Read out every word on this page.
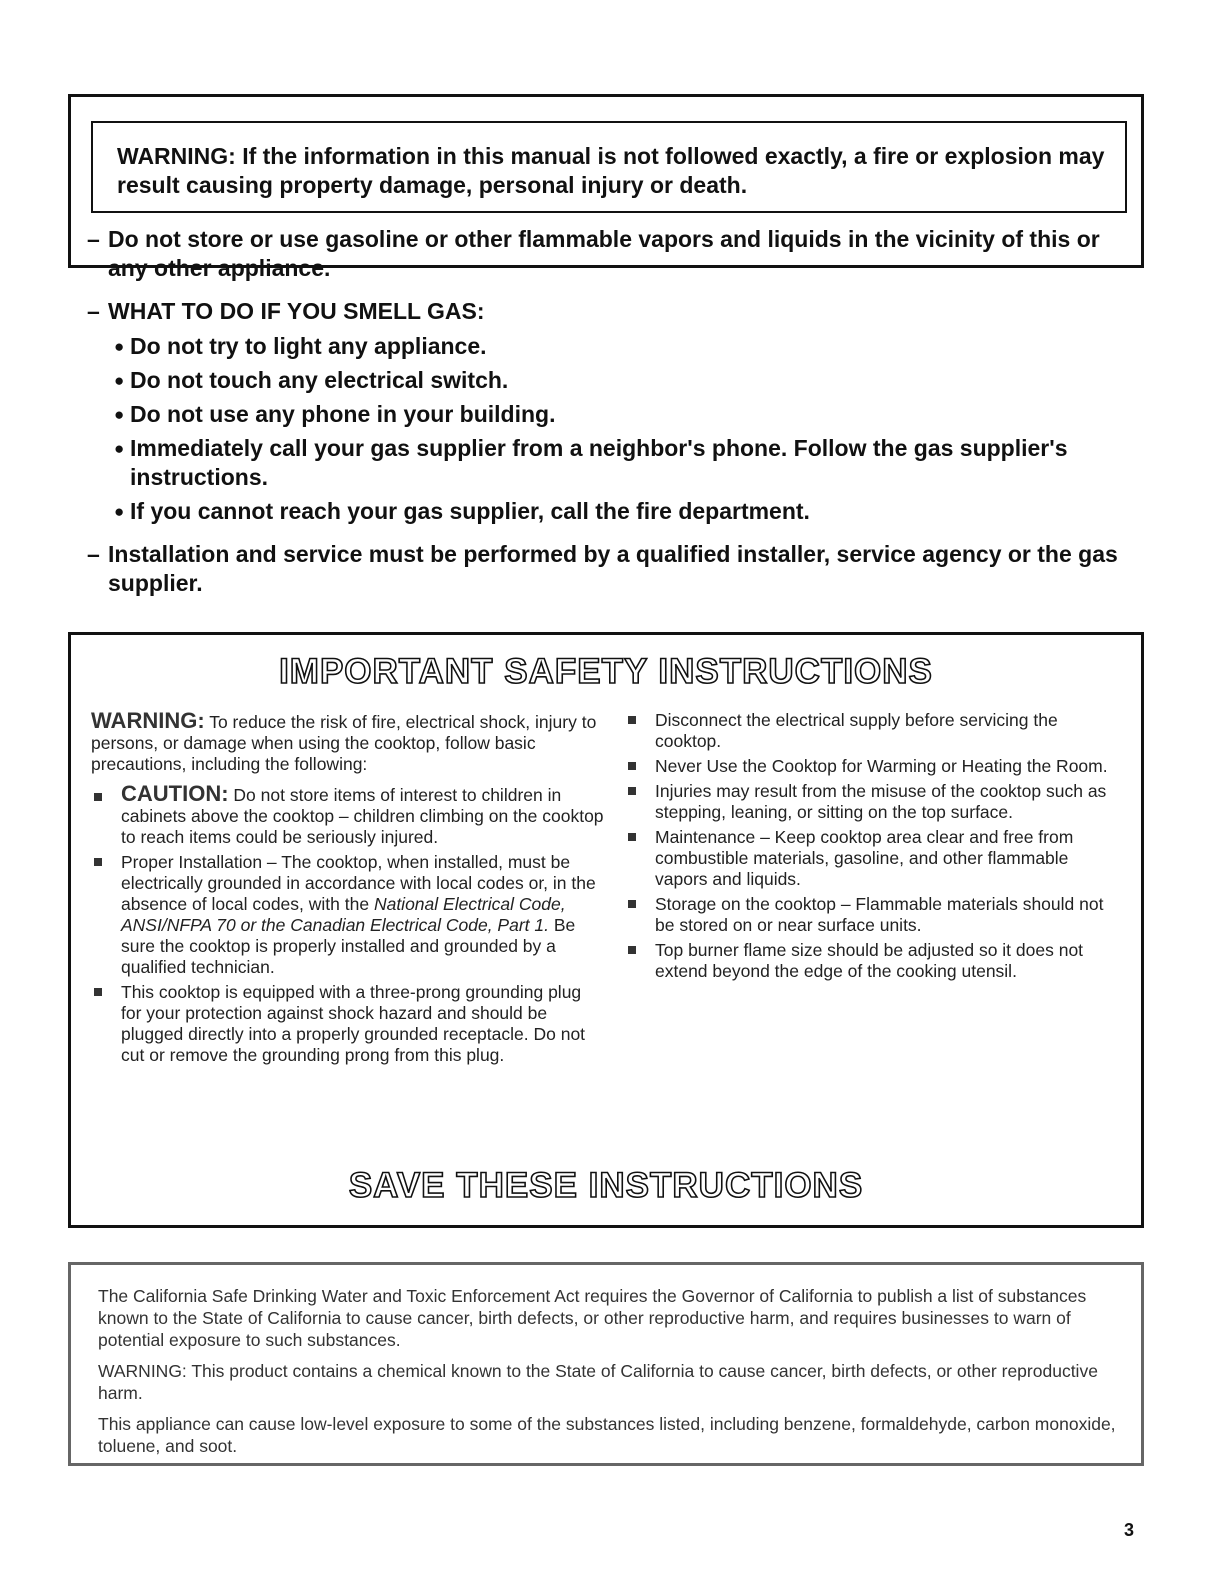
WARNING: If the information in this manual is not followed exactly, a fire or explosion may result causing property damage, personal injury or death.
– Do not store or use gasoline or other flammable vapors and liquids in the vicinity of this or any other appliance.
– WHAT TO DO IF YOU SMELL GAS:
● Do not try to light any appliance.
● Do not touch any electrical switch.
● Do not use any phone in your building.
● Immediately call your gas supplier from a neighbor's phone. Follow the gas supplier's instructions.
● If you cannot reach your gas supplier, call the fire department.
– Installation and service must be performed by a qualified installer, service agency or the gas supplier.
IMPORTANT SAFETY INSTRUCTIONS
WARNING: To reduce the risk of fire, electrical shock, injury to persons, or damage when using the cooktop, follow basic precautions, including the following:
CAUTION: Do not store items of interest to children in cabinets above the cooktop – children climbing on the cooktop to reach items could be seriously injured.
Proper Installation – The cooktop, when installed, must be electrically grounded in accordance with local codes or, in the absence of local codes, with the National Electrical Code, ANSI/NFPA 70 or the Canadian Electrical Code, Part 1. Be sure the cooktop is properly installed and grounded by a qualified technician.
This cooktop is equipped with a three-prong grounding plug for your protection against shock hazard and should be plugged directly into a properly grounded receptacle. Do not cut or remove the grounding prong from this plug.
Disconnect the electrical supply before servicing the cooktop.
Never Use the Cooktop for Warming or Heating the Room.
Injuries may result from the misuse of the cooktop such as stepping, leaning, or sitting on the top surface.
Maintenance – Keep cooktop area clear and free from combustible materials, gasoline, and other flammable vapors and liquids.
Storage on the cooktop – Flammable materials should not be stored on or near surface units.
Top burner flame size should be adjusted so it does not extend beyond the edge of the cooking utensil.
SAVE THESE INSTRUCTIONS

The California Safe Drinking Water and Toxic Enforcement Act requires the Governor of California to publish a list of substances known to the State of California to cause cancer, birth defects, or other reproductive harm, and requires businesses to warn of potential exposure to such substances.

WARNING: This product contains a chemical known to the State of California to cause cancer, birth defects, or other reproductive harm.

This appliance can cause low-level exposure to some of the substances listed, including benzene, formaldehyde, carbon monoxide, toluene, and soot.

3
